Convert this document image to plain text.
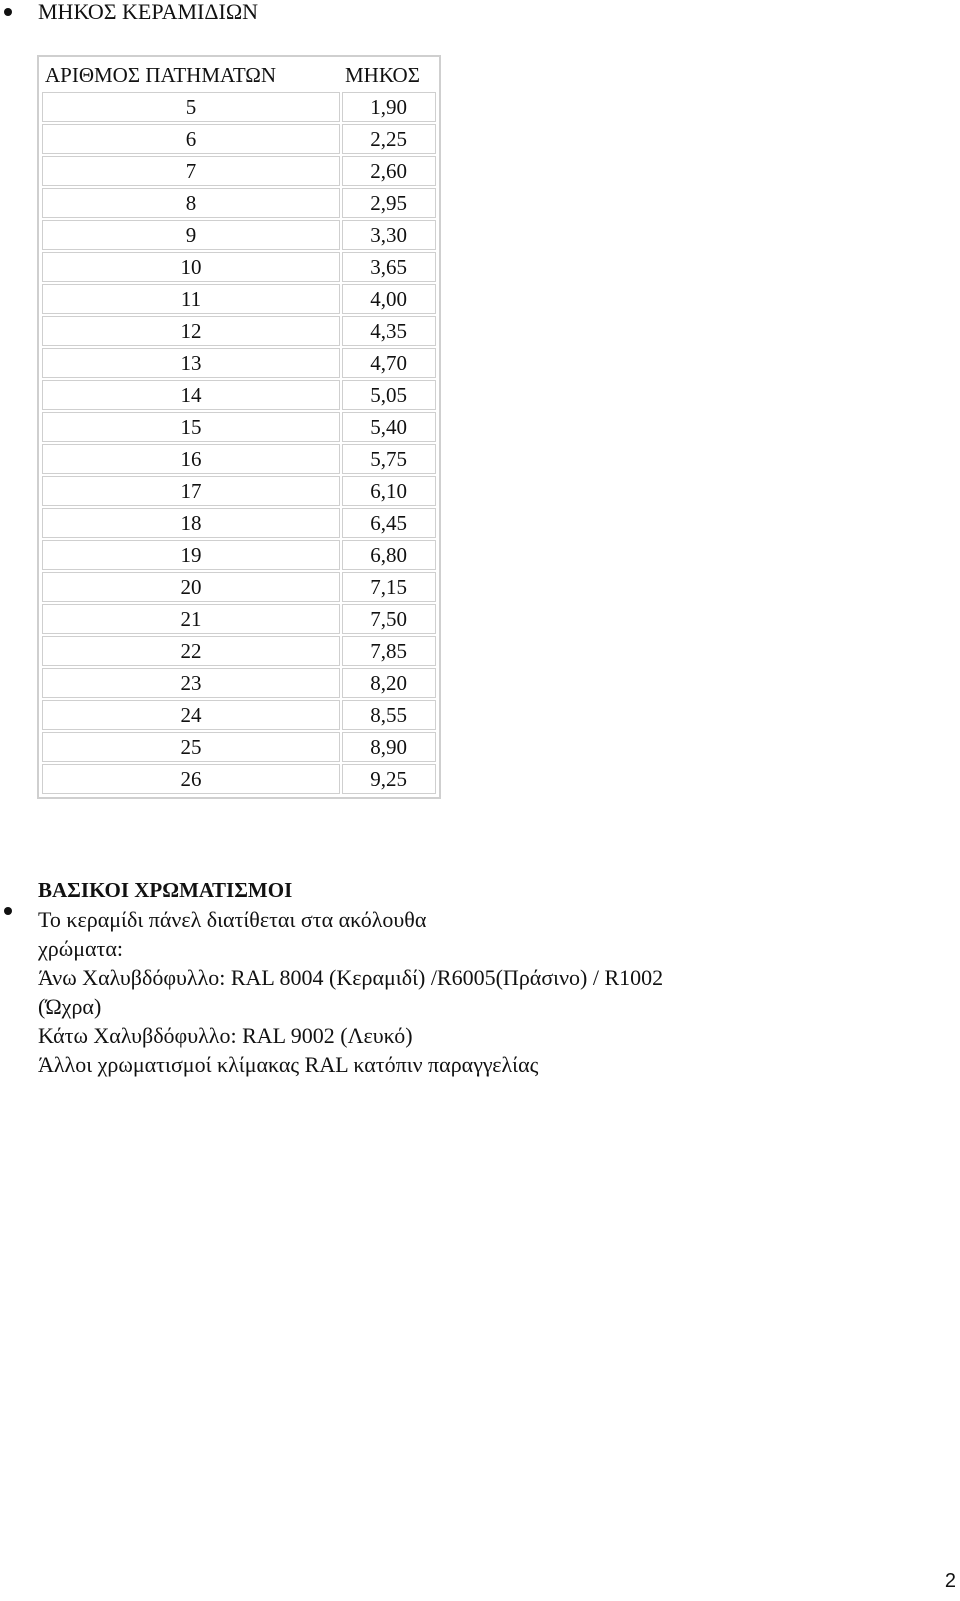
ΜΗΚΟΣ ΚΕΡΑΜΙΔΙΩΝ
ΑΡΙΘΜΟΣ ΠΑΤΗΜΑΤΩΝ	ΜΗΚΟΣ
5	1,90
6	2,25
7	2,60
8	2,95
9	3,30
10	3,65
11	4,00
12	4,35
13	4,70
14	5,05
15	5,40
16	5,75
17	6,10
18	6,45
19	6,80
20	7,15
21	7,50
22	7,85
23	8,20
24	8,55
25	8,90
26	9,25
ΒΑΣΙΚΟΙ ΧΡΩΜΑΤΙΣΜΟΙ
Το κεραμίδι πάνελ διατίθεται στα ακόλουθα
χρώματα:
Άνω Χαλυβδόφυλλο: RAL 8004 (Κεραμιδί) /R6005(Πράσινο) / R1002
(Ώχρα)
Κάτω Χαλυβδόφυλλο: RAL 9002 (Λευκό)
Άλλοι χρωματισμοί κλίμακας RAL κατόπιν παραγγελίας
2
